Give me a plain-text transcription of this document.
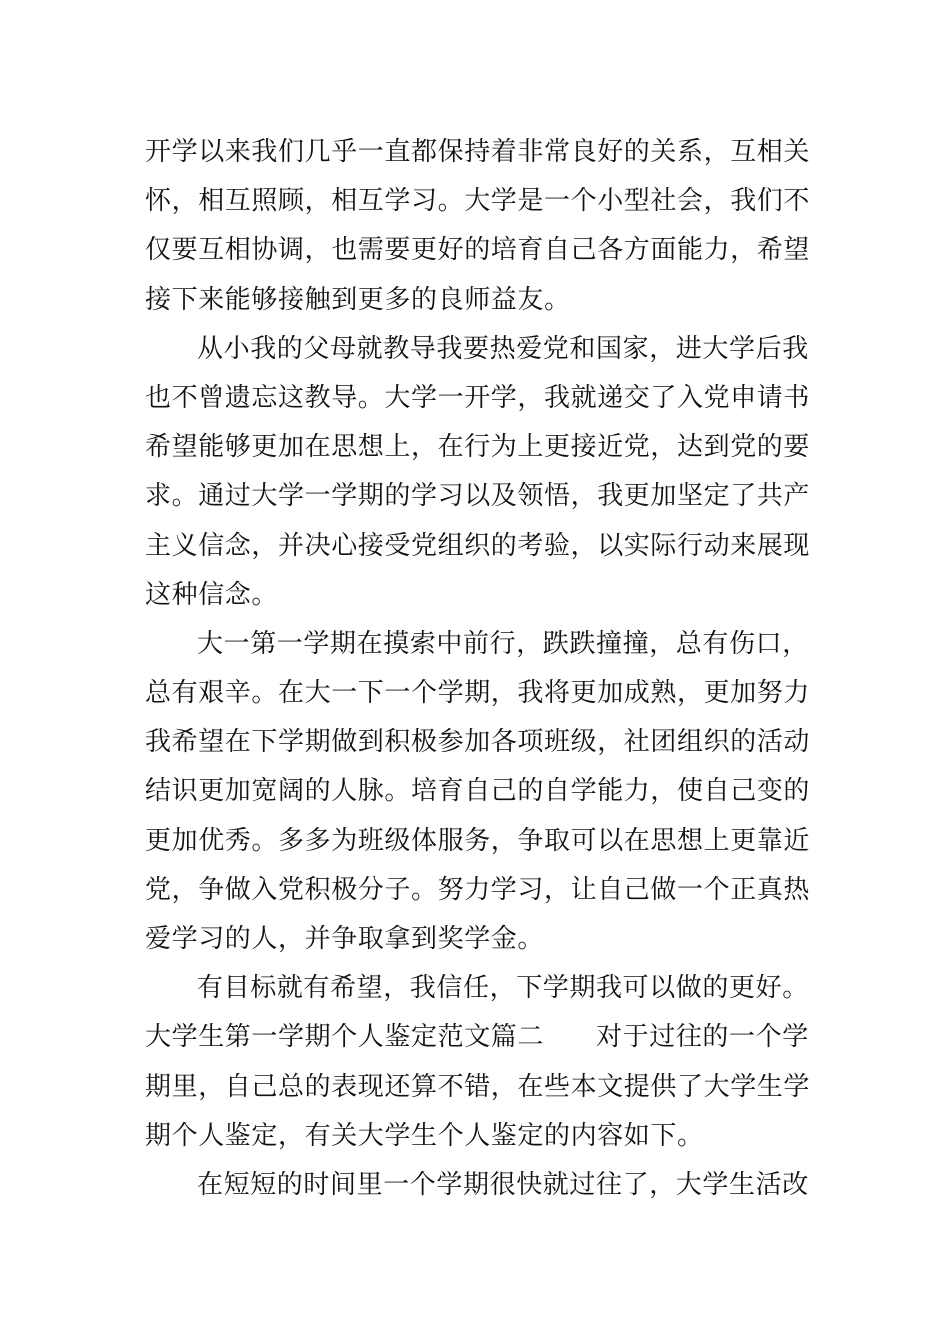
开学以来我们几乎一直都保持着非常良好的关系，互相关
怀，相互照顾，相互学习。大学是一个小型社会，我们不
仅要互相协调，也需要更好的培育自己各方面能力，希望
接下来能够接触到更多的良师益友。
从小我的父母就教导我要热爱党和国家，进大学后我
也不曾遗忘这教导。大学一开学，我就递交了入党申请书
希望能够更加在思想上，在行为上更接近党，达到党的要
求。通过大学一学期的学习以及领悟，我更加坚定了共产
主义信念，并决心接受党组织的考验，以实际行动来展现
这种信念。
大一第一学期在摸索中前行，跌跌撞撞，总有伤口，
总有艰辛。在大一下一个学期，我将更加成熟，更加努力
我希望在下学期做到积极参加各项班级，社团组织的活动
结识更加宽阔的人脉。培育自己的自学能力，使自己变的
更加优秀。多多为班级体服务，争取可以在思想上更靠近
党，争做入党积极分子。努力学习，让自己做一个正真热
爱学习的人，并争取拿到奖学金。
有目标就有希望，我信任，下学期我可以做的更好。
大学生第一学期个人鉴定范文篇二 对于过往的一个学
期里，自己总的表现还算不错，在些本文提供了大学生学
期个人鉴定，有关大学生个人鉴定的内容如下。
在短短的时间里一个学期很快就过往了，大学生活改
